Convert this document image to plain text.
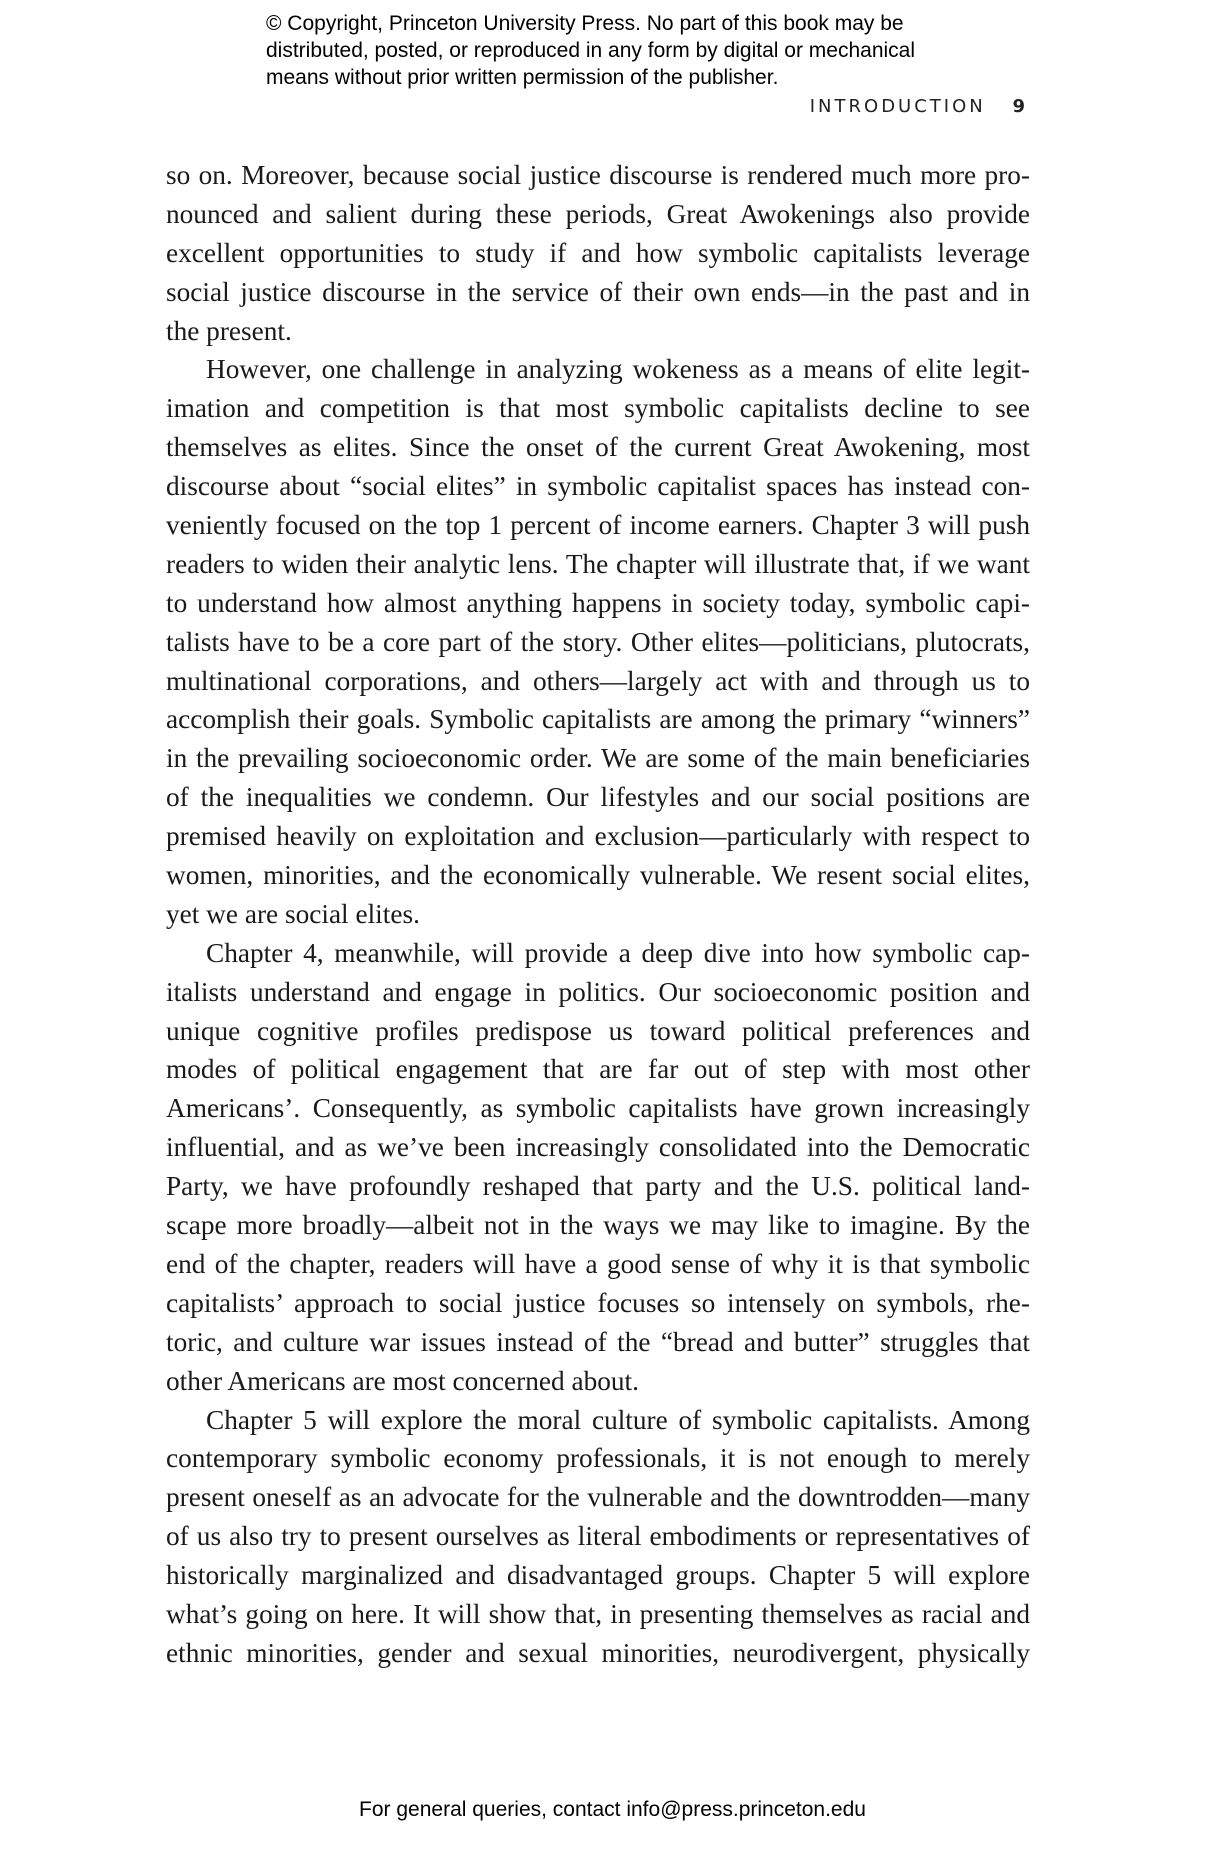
© Copyright, Princeton University Press. No part of this book may be
distributed, posted, or reproduced in any form by digital or mechanical
means without prior written permission of the publisher.
INTRODUCTION 9
so on. Moreover, because social justice discourse is rendered much more pro-
nounced and salient during these periods, Great Awokenings also provide
excellent opportunities to study if and how symbolic capitalists leverage
social justice discourse in the service of their own ends—in the past and in
the present.
However, one challenge in analyzing wokeness as a means of elite legit-
imation and competition is that most symbolic capitalists decline to see
themselves as elites. Since the onset of the current Great Awokening, most
discourse about “social elites” in symbolic capitalist spaces has instead con-
veniently focused on the top 1 percent of income earners. Chapter 3 will push
readers to widen their analytic lens. The chapter will illustrate that, if we want
to understand how almost anything happens in society today, symbolic capi-
talists have to be a core part of the story. Other elites—politicians, plutocrats,
multinational corporations, and others—largely act with and through us to
accomplish their goals. Symbolic capitalists are among the primary “winners”
in the prevailing socioeconomic order. We are some of the main beneficiaries
of the inequalities we condemn. Our lifestyles and our social positions are
premised heavily on exploitation and exclusion—particularly with respect to
women, minorities, and the economically vulnerable. We resent social elites,
yet we are social elites.
Chapter 4, meanwhile, will provide a deep dive into how symbolic cap-
italists understand and engage in politics. Our socioeconomic position and
unique cognitive profiles predispose us toward political preferences and
modes of political engagement that are far out of step with most other
Americans’. Consequently, as symbolic capitalists have grown increasingly
influential, and as we’ve been increasingly consolidated into the Democratic
Party, we have profoundly reshaped that party and the U.S. political land-
scape more broadly—albeit not in the ways we may like to imagine. By the
end of the chapter, readers will have a good sense of why it is that symbolic
capitalists’ approach to social justice focuses so intensely on symbols, rhe-
toric, and culture war issues instead of the “bread and butter” struggles that
other Americans are most concerned about.
Chapter 5 will explore the moral culture of symbolic capitalists. Among
contemporary symbolic economy professionals, it is not enough to merely
present oneself as an advocate for the vulnerable and the downtrodden—many
of us also try to present ourselves as literal embodiments or representatives of
historically marginalized and disadvantaged groups. Chapter 5 will explore
what’s going on here. It will show that, in presenting themselves as racial and
ethnic minorities, gender and sexual minorities, neurodivergent, physically
For general queries, contact info@press.princeton.edu
